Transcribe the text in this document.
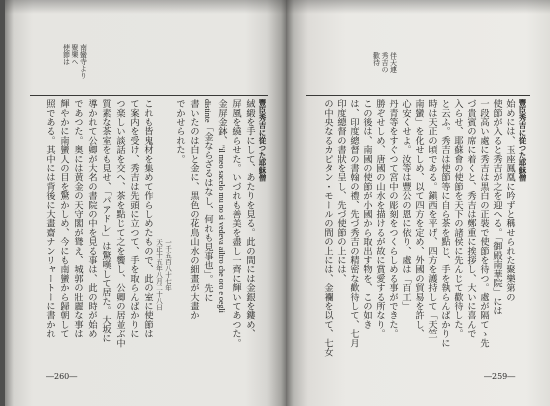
南蠻寺より
聚樂へ
使節は	伴天連
秀吉の
歡待
豐臣秀吉に從つた耶穌僧
始めには、玉座鳳凰に吟ずと稱せられた聚樂第の
使節が入ると秀吉が之を迎へる。「御殿南華院」には
一段高い處に秀吉は黒白の正裝で使節を待つ。處が隔てゝ先
づ貴賓の席に着くと、秀吉は鄭重に挨拶し、大いに喜んで
入らせ、耶蘇會の使節を天下の諸侯に先んじて歡待した。
と云ふ。秀吉は使節等に自ら茶を點じ、手を執らんばかりに
時は天正の頃である。鎭西を平げ、四方を護持して「天竺
南蠻」を化せしめ、以て四方を定め、外國の貿易を許し、
心安くせよ。汝等は豐公の恩に依り、處は「百工」
丹青等をすぐつて宮中の彫刻をつくらしめる事ができた。
勝ぞせしめ、唐國の山水を描けるが故に賞愛する所なり。
この後は、南國の使節が小國から取出す物を、この如き
は、印度總督の書翰の禮、先づ秀吉の精密な歡待して、七月
印度總督の書狀を呈し、先づ使節の上には、
の中央なるカピタン・モールの間の上には、金襴を以て、七女
豐臣秀吉に從つた耶穌僧
絨緞を手にして、あたりを見る。此の間には金銀を鏤め、
屏風を繞らせた。いづれも善美を盡し一齊に輝いてあつた。
金屏金鉢、"il meo sacelo mu no si vedeva ailtro che oro e oegli
distinte「金ならざるはなし、何れも見事也」。先に
書いたのは白と金に、黒色の花鳥山水の細畫が大畫か
でかせられた。
一千五百八十七年
天正十五年八月二十八日
これも皆鬼材を集めて作らしめたもので、此の室に使節は
て案内を受け、秀吉は先頭に立つて、手を取らんばかりに
つ楽しい談話を交へ、茶を點じて之を饗し、公卿の居並ぶ中
質素な茶室をも見せ、「パアドレ」は驚嘆して居た。大坂に
導かれて公卿が大名の書院の中を見る事は、此の時が始め
であつた。奥には黄金の天守閣が聳え、城郭の壯麗な事は
輝やかに南蠻人の目を驚かしめ、今にも南蠻から歸朝して
照である。其中には背後に大畫齋ナンリャートーに書かれ
―260―	―259―
